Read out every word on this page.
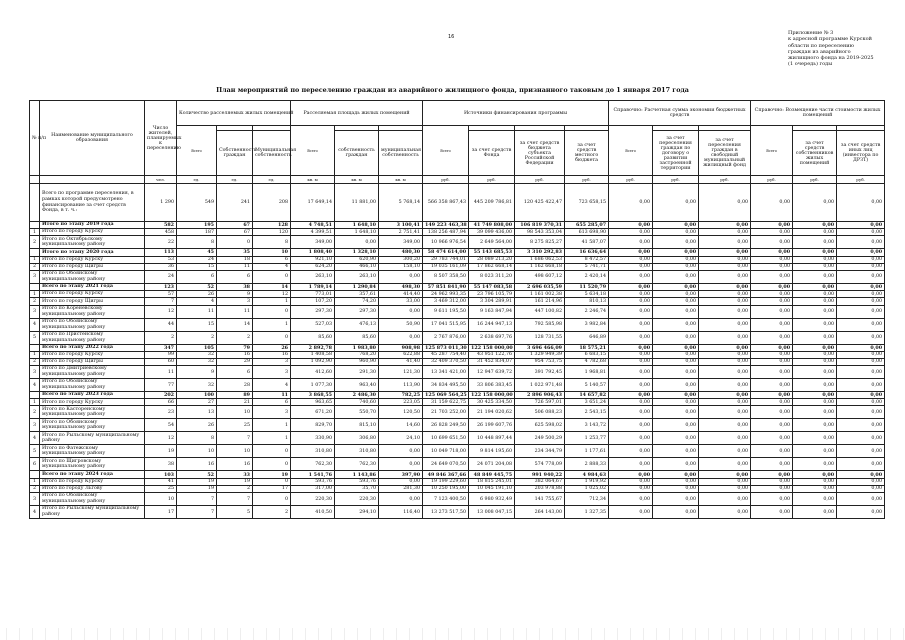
16
Приложение № 3
к адресной программе Курской
области по переселению
граждан из аварийного
жилищного фонда на 2019-2025
(1 очередь) годы
План мероприятий по переселению граждан из аварийного жилищного фонда, признанного таковым до 1 января 2017 года
№ п/п	Наименование муниципального образования	Число жителей, планируемых к переселению	Количество расселяемых жилых помещений			Расселяемая площадь жилых помещений			Источники финансирования программы				Справочно: Расчетная сумма экономии бюджетных средств			Справочно: Возмещение части стоимости жилых помещений		
			Всего			Всего			Всего				Всего			Всего		
				Собственность граждан	Муниципальная собственность		собственность граждан	муниципальная собственность		за счет средств Фонда	за счет средств бюджета субъекта Российской Федерации	за счет средств местного бюджета		за счет переселения граждан по договору о развитии застроенной территории	за счет переселения граждан в свободный муниципальный жилищный фонд		за счет средств собственников жилых помещений	за счет средств иных лиц (инвестора по ДРЗТ)
		чел.	ед.	ед.	ед.	кв. м	кв. м	кв. м	руб.	руб.	руб.	руб.	руб.	руб.	руб.	руб.	руб.	руб.
	Всего по программе переселения, в рамках которой предусмотрено финансирование за счет средств Фонда, в т. ч.:	1 290	549	241	208	17 649,14	11 881,00	5 768,14	566 358 867,43	445 209 786,81	120 425 422,47	723 658,15	0,00	0,00	0,00	0,00	0,00	0,00
	Итого по этапу 2019 года	582	195	67	128	4 748,51	1 648,10	3 100,41	149 223 463,38	41 749 808,00	106 819 370,31	655 285,07	0,00	0,00	0,00	0,00	0,00	0,00
1	Итого по городу Курску	458	187	67	120	4 399,51	1 648,10	2 751,41	138 256 487,94	39 099 436,00	98 543 353,04	613 698,90	0,00	0,00	0,00	0,00	0,00	0,00
2	Итого по Октябрьскому муниципальному району	22	8	0	8	349,00	0,00	349,00	10 966 976,54	2 649 564,00	8 275 825,27	41 587,07	0,00	0,00	0,00	0,00	0,00	0,00
	Итого по этапу 2020 года	113	45	35	10	1 808,40	1 328,10	480,30	58 474 614,00	55 143 685,53	3 310 292,83	16 636,64	0,00	0,00	0,00	0,00	0,00	0,00
1	Итого по городу Курску	53	24	18	6	921,10	620,90	300,20	29 783 744,01	28 089 213,20	1 686 062,53	8 472,57	0,00	0,00	0,00	0,00	0,00	0,00
2	Итого по городу Щигры	36	15	11	4	624,20	466,10	158,10	19 035 161,09	17 862 668,14	1 162 668,18	5 741,71	0,00	0,00	0,00	0,00	0,00	0,00
3	Итого по Обоянскому муниципальному району	24	6	6	0	263,10	263,10	0,00	8 507 358,50	8 023 311,20	498 607,12	2 420,14	0,00	0,00	0,00	0,00	0,00	0,00
	Всего по этапу 2021 года	123	52	38	14	1 789,14	1 290,84	498,30	57 851 841,90	55 147 083,58	2 696 035,59	11 520,79	0,00	0,00	0,00	0,00	0,00	0,00
1	Итого по городу Курску	57	26	9	12	773,01	357,61	414,40	24 962 993,35	23 796 105,79	1 161 002,38	5 634,18	0,00	0,00	0,00	0,00	0,00	0,00
2	Итого по городу Щигры	7	4	3	1	107,20	74,20	33,00	3 469 312,00	3 304 289,91	161 214,96	810,13	0,00	0,00	0,00	0,00	0,00	0,00
3	Итого по Кореневскому муниципальному району	12	11	11	0	297,30	297,30	0,00	9 611 195,50	9 163 847,94	447 100,82	2 246,74	0,00	0,00	0,00	0,00	0,00	0,00
4	Итого по Обоянскому муниципальному району	44	15	14	1	527,03	476,13	50,90	17 041 515,95	16 244 947,13	792 585,98	3 982,84	0,00	0,00	0,00	0,00	0,00	0,00
5	Итого по Пристенскому муниципальному району	2	2	2	0	85,60	85,60	0,00	2 767 876,00	2 638 697,76	128 731,55	646,89	0,00	0,00	0,00	0,00	0,00	0,00
	Всего по этапу 2022 года	347	105	79	26	2 892,78	1 983,80	908,98	125 873 011,30	122 158 000,00	3 696 466,09	18 575,21	0,00	0,00	0,00	0,00	0,00	0,00
1	Итого по городу Курску	99	32	16	16	1 408,58	768,20	622,88	45 287 754,40	43 951 122,76	1 329 949,39	6 683,15	0,00	0,00	0,00	0,00	0,00	0,00
2	Итого по городу Щигры	60	32	29	3	1 092,90	960,90	41,40	32 409 370,50	31 452 834,07	954 753,75	4 782,68	0,00	0,00	0,00	0,00	0,00	0,00
3	Итого по Дмитриевскому муниципальному району	11	9	6	3	412,60	291,30	121,30	13 341 421,00	12 947 639,72	391 792,45	1 968,81	0,00	0,00	0,00	0,00	0,00	0,00
4	Итого по Обоянскому муниципальному району	77	32	28	4	1 077,30	963,40	113,90	34 834 495,50	33 806 383,45	1 022 971,48	5 140,57	0,00	0,00	0,00	0,00	0,00	0,00
	Всего по этапу 2023 года	202	100	89	11	3 868,55	2 486,30	782,25	125 069 564,25	122 158 000,00	2 896 906,43	14 657,82	0,00	0,00	0,00	0,00	0,00	0,00
1	Итого по городу Курску	66	27	21	6	963,65	740,60	223,05	31 159 622,75	30 425 334,50	726 597,01	3 651,24	0,00	0,00	0,00	0,00	0,00	0,00
2	Итого по Касторенскому муниципальному району	23	13	10	3	671,20	550,70	120,50	21 703 252,00	21 194 020,62	506 088,23	2 543,15	0,00	0,00	0,00	0,00	0,00	0,00
3	Итого по Обоянскому муниципальному району	54	26	25	1	829,70	815,10	14,60	26 828 249,50	26 199 607,76	625 598,02	3 143,72	0,00	0,00	0,00	0,00	0,00	0,00
4	Итого по Рыльскому муниципальному району	12	8	7	1	330,90	306,80	24,10	10 699 651,50	10 448 897,44	249 500,29	1 253,77	0,00	0,00	0,00	0,00	0,00	0,00
5	Итого по Фатежскому муниципальному району	19	10	10	0	310,80	310,80	0,00	10 049 718,00	9 814 195,60	234 344,79	1 177,61	0,00	0,00	0,00	0,00	0,00	0,00
6	Итого по Щигровскому муниципальному району	38	16	16	0	762,30	762,30	0,00	24 649 070,50	24 071 204,08	574 778,09	2 888,33	0,00	0,00	0,00	0,00	0,00	0,00
	Всего по этапу 2024 года	103	52	33	19	1 541,76	1 143,86	397,90	49 846 367,66	48 849 445,75	991 940,22	4 984,63	0,00	0,00	0,00	0,00	0,00	0,00
1	Итого по городу Курску	41	19	19	0	593,76	593,76	0,00	19 199 229,60	18 815 245,01	382 064,67	1 919,92	0,00	0,00	0,00	0,00	0,00	0,00
2	Итого по городу Льгову	25	19	2	17	317,00	35,70	281,30	10 250 195,00	10 045 191,10	203 978,88	1 025,02	0,00	0,00	0,00	0,00	0,00	0,00
3	Итого по Обоянскому муниципальному району	10	7	7	0	220,30	220,30	0,00	7 123 400,50	6 980 932,49	141 755,67	712,34	0,00	0,00	0,00	0,00	0,00	0,00
4	Итого по Рыльскому муниципальному району	17	7	5	2	410,50	294,10	116,40	13 273 517,50	13 008 047,15	264 143,00	1 327,35	0,00	0,00	0,00	0,00	0,00	0,00
